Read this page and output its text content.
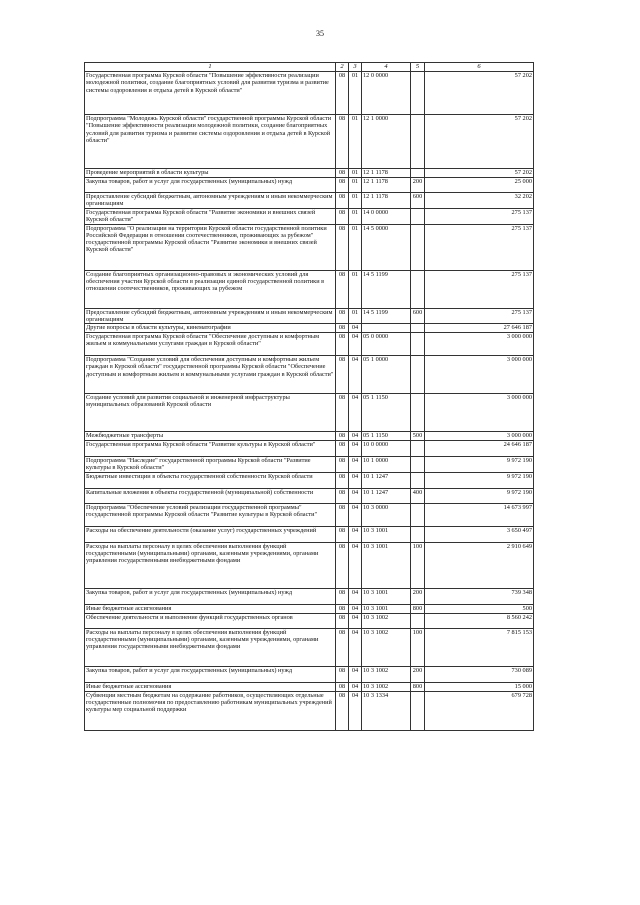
35
1	2	3	4	5	6
Государственная программа Курской области "Повышение эффективности реализации молодежной политики, создание благоприятных условий для развития туризма и развитие системы оздоровления и отдыха детей в Курской области"	08	01	12 0 0000		57 202
Подпрограмма "Молодежь Курской области" государственной программы Курской области "Повышение эффективности реализации молодежной политики, создание благоприятных условий для развития туризма и развитие системы оздоровления и отдыха детей в Курской области"	08	01	12 1 0000		57 202
Проведение мероприятий в области культуры	08	01	12 1 1178		57 202
Закупка товаров, работ и услуг для государственных (муниципальных) нужд	08	01	12 1 1178	200	25 000
Предоставление субсидий бюджетным, автономным учреждениям и иным некоммерческим организациям	08	01	12 1 1178	600	32 202
Государственная программа Курской области "Развитие экономики и внешних связей Курской области"	08	01	14 0 0000		275 137
Подпрограмма "О реализации на территории Курской области государственной политики Российской Федерации в отношении соотечественников, проживающих за рубежом" государственной программы Курской области "Развитие экономики и внешних связей Курской области"	08	01	14 5 0000		275 137
Создание благоприятных организационно-правовых и экономических условий для обеспечения участия Курской области в реализации единой государственной политики в отношении соотечественников, проживающих за рубежом	08	01	14 5 1199		275 137
Предоставление субсидий бюджетным, автономным учреждениям и иным некоммерческим организациям	08	01	14 5 1199	600	275 137
Другие вопросы в области культуры, кинематографии	08	04			27 646 187
Государственная программа Курской области "Обеспечение доступным и комфортным жильем и коммунальными услугами граждан в Курской области"	08	04	05 0 0000		3 000 000
Подпрограмма "Создание условий для обеспечения доступным и комфортным жильем граждан в Курской области" государственной программы Курской области "Обеспечение доступным и комфортным жильем и коммунальными услугами граждан в Курской области"	08	04	05 1 0000		3 000 000
Создание условий для развития социальной и инженерной инфраструктуры муниципальных образований Курской области	08	04	05 1 1150		3 000 000
Межбюджетные трансферты	08	04	05 1 1150	500	3 000 000
Государственная программа Курской области "Развитие культуры в Курской области"	08	04	10 0 0000		24 646 187
Подпрограмма "Наследие" государственной программы Курской области "Развитие культуры в Курской области"	08	04	10 1 0000		9 972 190
Бюджетные инвестиции в объекты государственной собственности Курской области	08	04	10 1 1247		9 972 190
Капитальные вложения в объекты государственной (муниципальной) собственности	08	04	10 1 1247	400	9 972 190
Подпрограмма "Обеспечение условий реализации государственной программы" государственной программы Курской области "Развитие культуры в Курской области"	08	04	10 3 0000		14 673 997
Расходы на обеспечение деятельности (оказание услуг) государственных учреждений	08	04	10 3 1001		3 650 497
Расходы на выплаты персоналу в целях обеспечения выполнения функций государственными (муниципальными) органами, казенными учреждениями, органами управления государственными внебюджетными фондами	08	04	10 3 1001	100	2 910 649
Закупка товаров, работ и услуг для государственных (муниципальных) нужд	08	04	10 3 1001	200	739 348
Иные бюджетные ассигнования	08	04	10 3 1001	800	500
Обеспечение деятельности и выполнение функций государственных органов	08	04	10 3 1002		8 560 242
Расходы на выплаты персоналу в целях обеспечения выполнения функций государственными (муниципальными) органами, казенными учреждениями, органами управления государственными внебюджетными фондами	08	04	10 3 1002	100	7 815 153
Закупка товаров, работ и услуг для государственных (муниципальных) нужд	08	04	10 3 1002	200	730 089
Иные бюджетные ассигнования	08	04	10 3 1002	800	15 000
Субвенции местным бюджетам на содержание работников, осуществляющих отдельные государственные полномочия по предоставлению работникам муниципальных учреждений культуры мер социальной поддержки	08	04	10 3 1334		679 728
